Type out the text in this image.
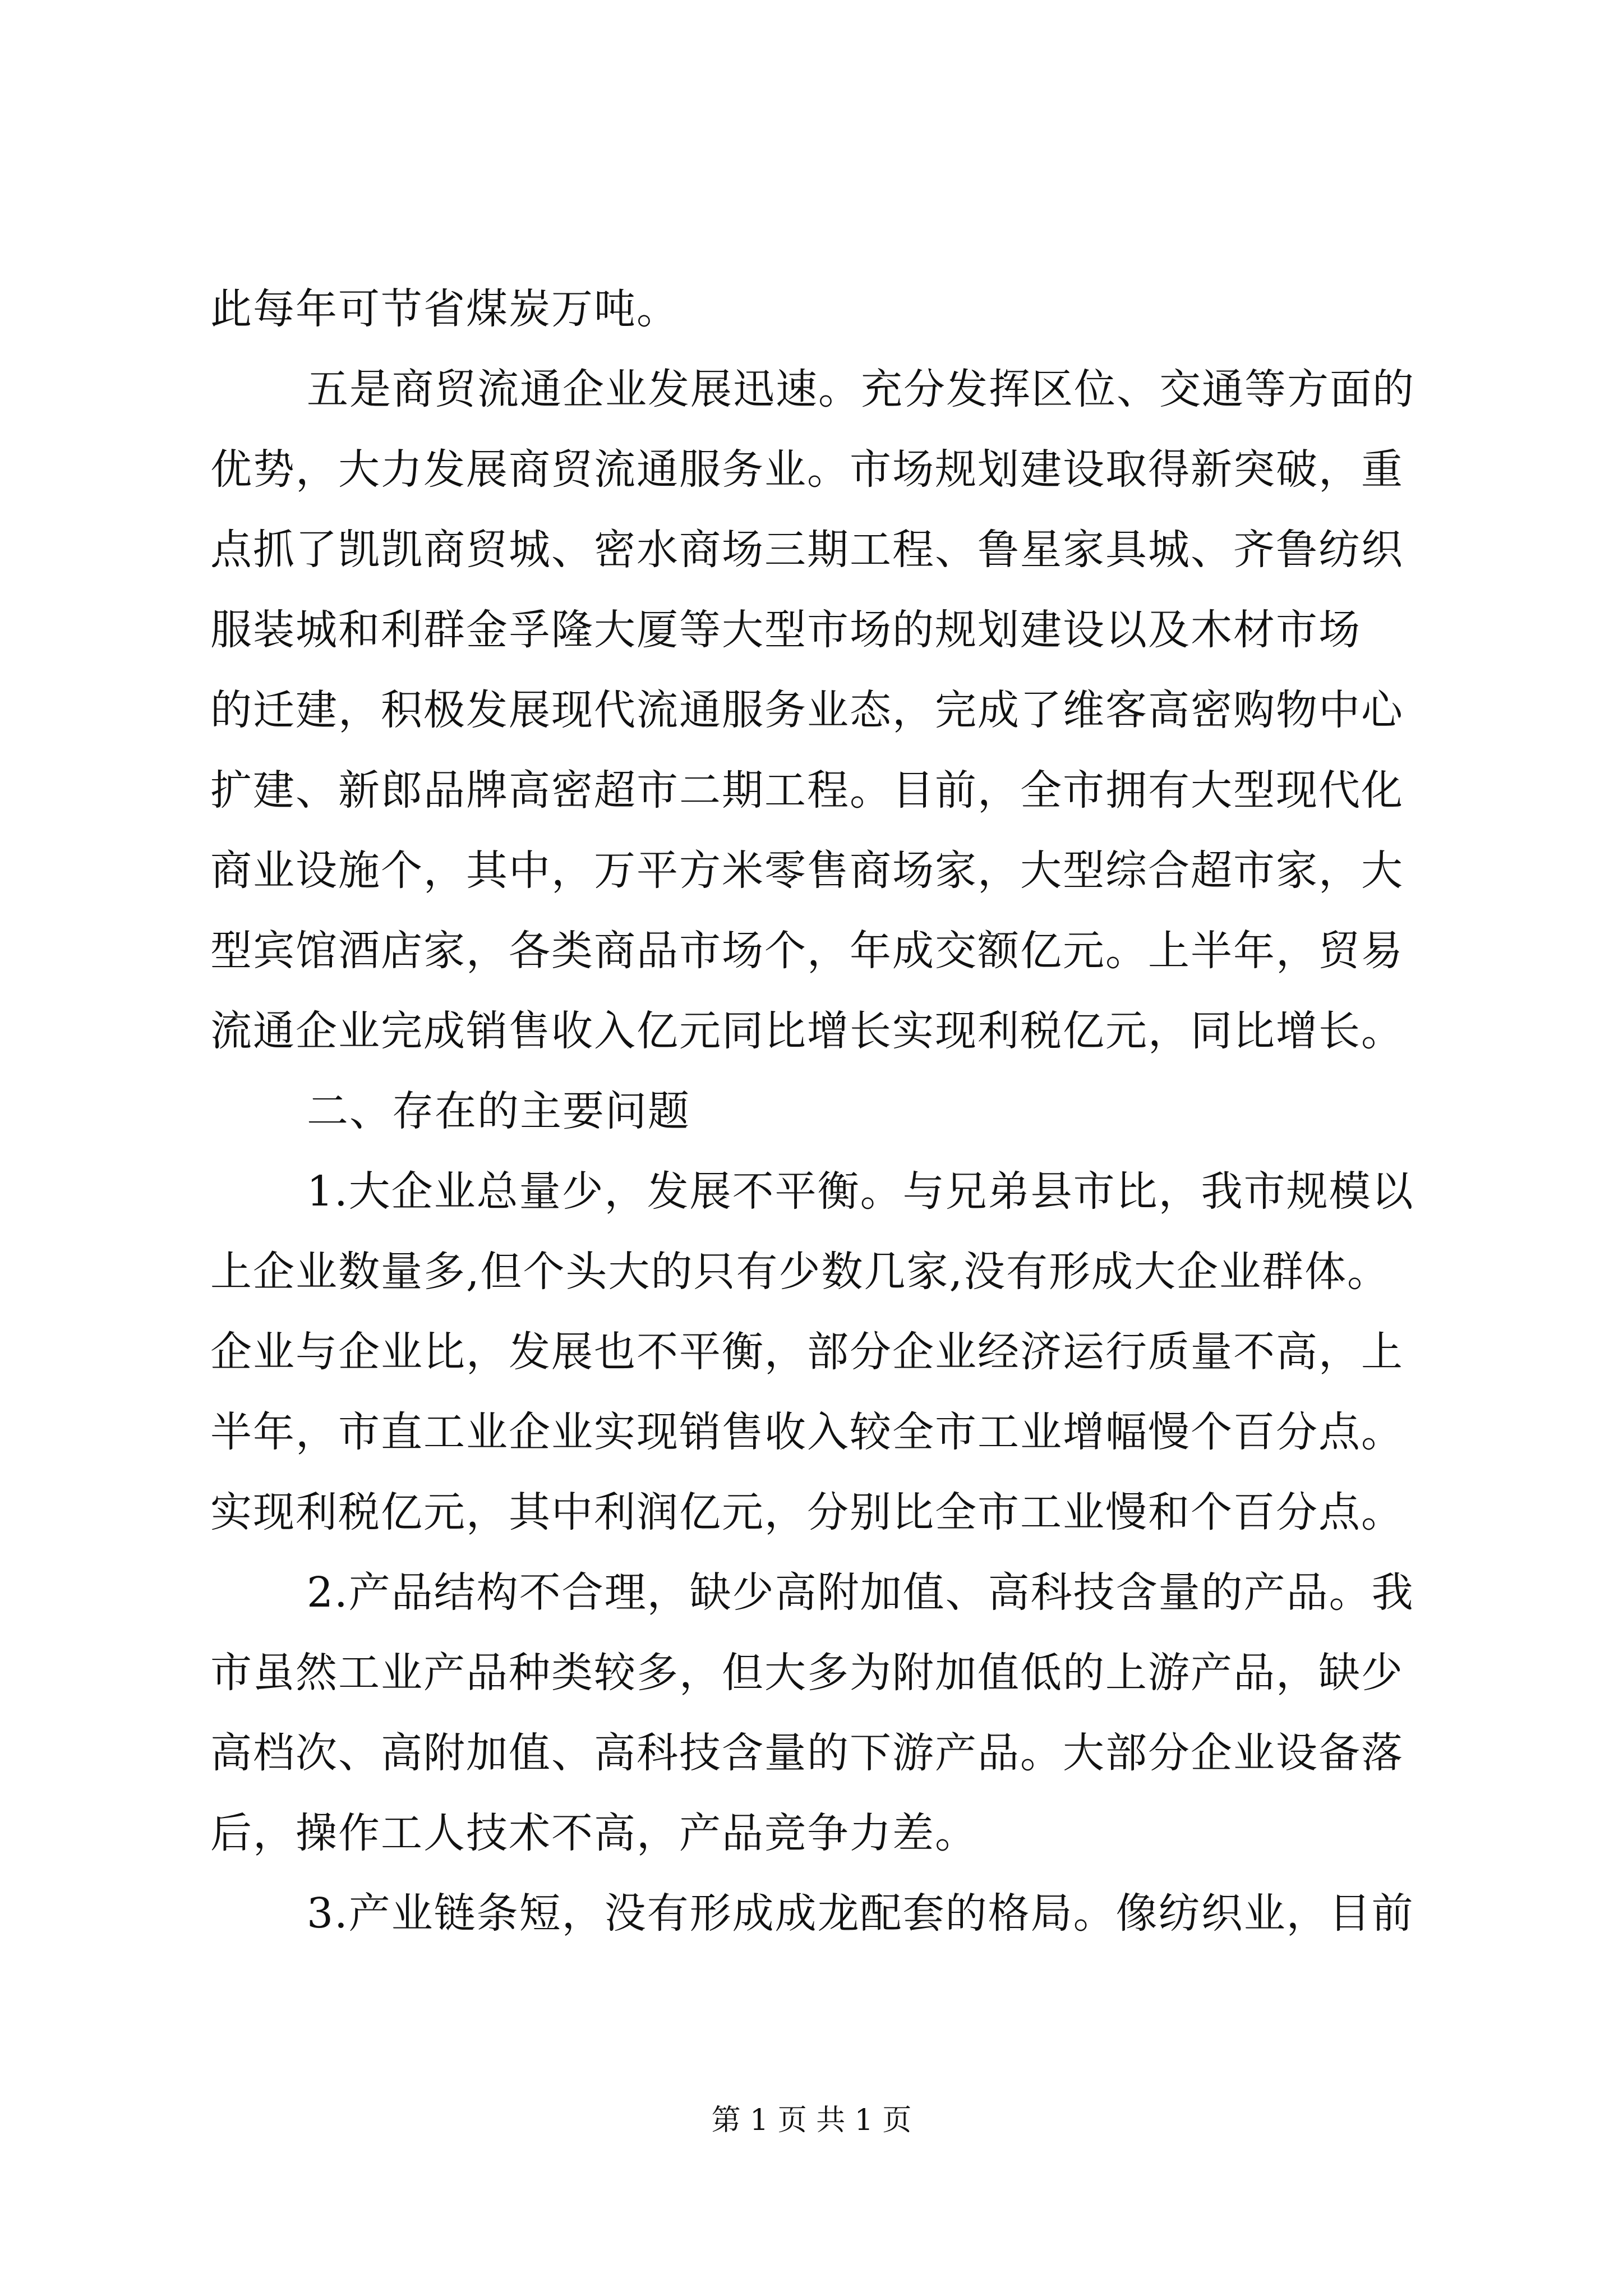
此每年可节省煤炭万吨。
五是商贸流通企业发展迅速。充分发挥区位、交通等方面的
优势，大力发展商贸流通服务业。市场规划建设取得新突破，重
点抓了凯凯商贸城、密水商场三期工程、鲁星家具城、齐鲁纺织
服装城和利群金孚隆大厦等大型市场的规划建设以及木材市场
的迁建，积极发展现代流通服务业态，完成了维客高密购物中心
扩建、新郎品牌高密超市二期工程。目前，全市拥有大型现代化
商业设施个，其中，万平方米零售商场家，大型综合超市家，大
型宾馆酒店家，各类商品市场个，年成交额亿元。上半年，贸易
流通企业完成销售收入亿元同比增长实现利税亿元，同比增长。
二、存在的主要问题
1.大企业总量少，发展不平衡。与兄弟县市比，我市规模以
上企业数量多,但个头大的只有少数几家,没有形成大企业群体。
企业与企业比，发展也不平衡，部分企业经济运行质量不高，上
半年，市直工业企业实现销售收入较全市工业增幅慢个百分点。
实现利税亿元，其中利润亿元，分别比全市工业慢和个百分点。
2.产品结构不合理，缺少高附加值、高科技含量的产品。我
市虽然工业产品种类较多，但大多为附加值低的上游产品，缺少
高档次、高附加值、高科技含量的下游产品。大部分企业设备落
后，操作工人技术不高，产品竞争力差。
3.产业链条短，没有形成成龙配套的格局。像纺织业，目前
第 1 页 共 1 页
